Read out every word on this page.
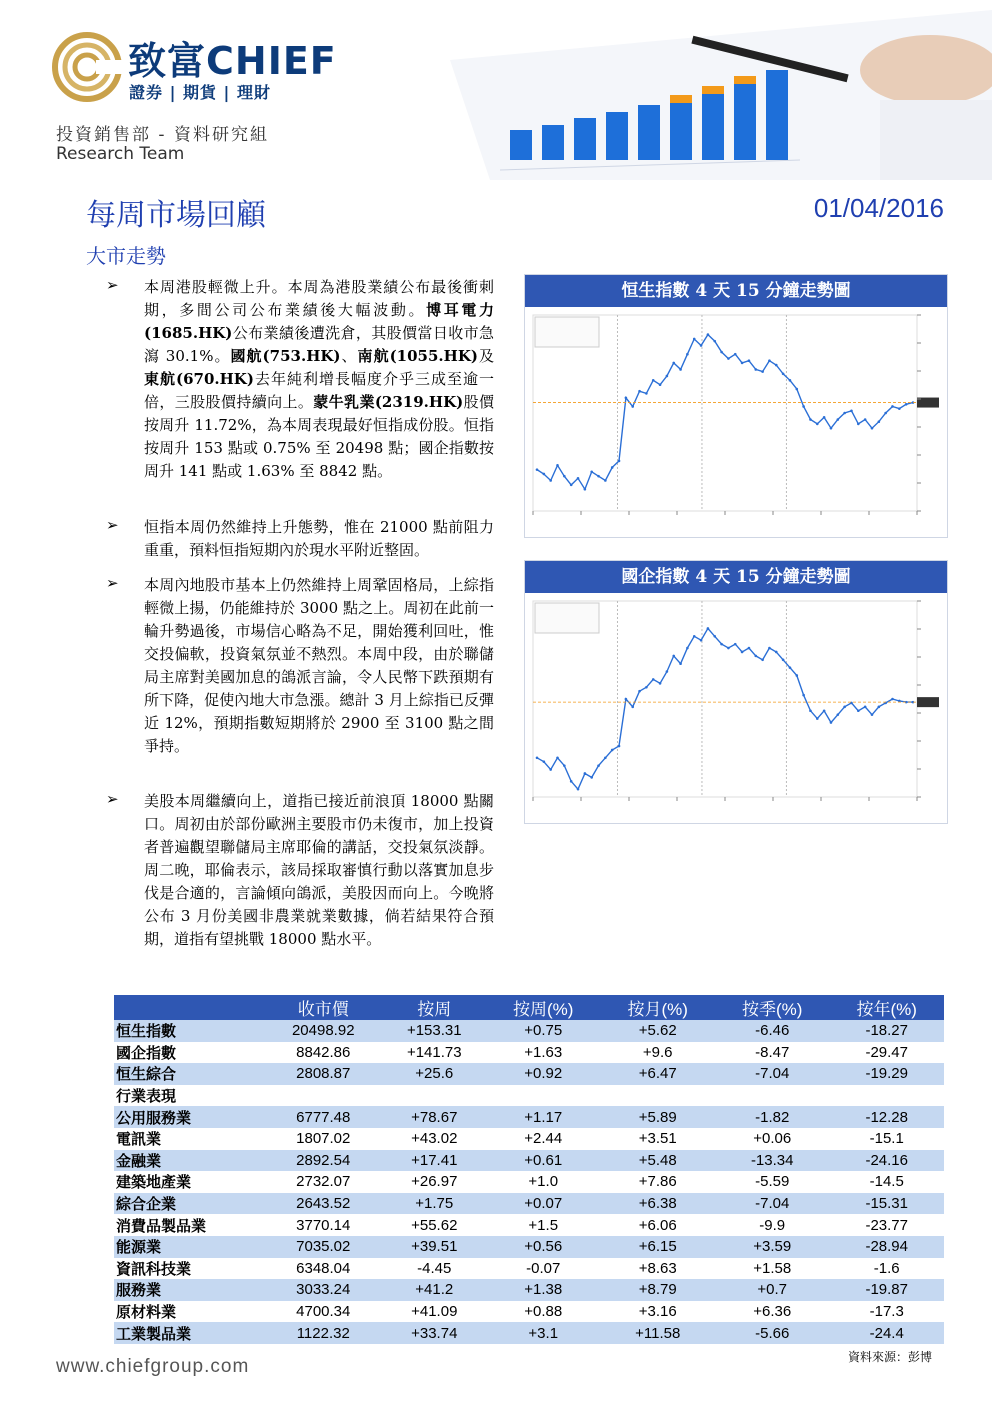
致富CHIEF
證券 | 期貨 | 理財
投資銷售部 - 資料研究組
Research Team
每周市場回顧	01/04/2016
大市走勢
➢ 本周港股輕微上升。本周為港股業績公布最後衝刺期，多間公司公布業績後大幅波動。博耳電力(1685.HK)公布業績後遭洗倉，其股價當日收市急瀉 30.1%。國航(753.HK)、南航(1055.HK)及東航(670.HK)去年純利增長幅度介乎三成至逾一倍，三股股價持續向上。蒙牛乳業(2319.HK)股價按周升 11.72%，為本周表現最好恒指成份股。恒指按周升 153 點或 0.75% 至 20498 點；國企指數按周升 141 點或 1.63% 至 8842 點。
➢ 恒指本周仍然維持上升態勢，惟在 21000 點前阻力重重，預料恒指短期內於現水平附近整固。
➢ 本周內地股市基本上仍然維持上周鞏固格局，上綜指輕微上揚，仍能維持於 3000 點之上。周初在此前一輪升勢過後，市場信心略為不足，開始獲利回吐，惟交投偏軟，投資氣氛並不熱烈。本周中段，由於聯儲局主席對美國加息的鴿派言論，令人民幣下跌預期有所下降，促使內地大市急漲。總計 3 月上綜指已反彈近 12%，預期指數短期將於 2900 至 3100 點之間爭持。
➢ 美股本周繼續向上，道指已接近前浪頂 18000 點關口。周初由於部份歐洲主要股市仍未復市，加上投資者普遍觀望聯儲局主席耶倫的講話，交投氣氛淡靜。周二晚，耶倫表示，該局採取審慎行動以落實加息步伐是合適的，言論傾向鴿派，美股因而向上。今晚將公布 3 月份美國非農業就業數據，倘若結果符合預期，道指有望挑戰 18000 點水平。
恒生指數 4 天 15 分鐘走勢圖
國企指數 4 天 15 分鐘走勢圖
	收市價	按周	按周(%)	按月(%)	按季(%)	按年(%)
恒生指數	20498.92	+153.31	+0.75	+5.62	-6.46	-18.27
國企指數	8842.86	+141.73	+1.63	+9.6	-8.47	-29.47
恒生綜合	2808.87	+25.6	+0.92	+6.47	-7.04	-19.29
行業表現						
公用服務業	6777.48	+78.67	+1.17	+5.89	-1.82	-12.28
電訊業	1807.02	+43.02	+2.44	+3.51	+0.06	-15.1
金融業	2892.54	+17.41	+0.61	+5.48	-13.34	-24.16
建築地產業	2732.07	+26.97	+1.0	+7.86	-5.59	-14.5
綜合企業	2643.52	+1.75	+0.07	+6.38	-7.04	-15.31
消費品製品業	3770.14	+55.62	+1.5	+6.06	-9.9	-23.77
能源業	7035.02	+39.51	+0.56	+6.15	+3.59	-28.94
資訊科技業	6348.04	-4.45	-0.07	+8.63	+1.58	-1.6
服務業	3033.24	+41.2	+1.38	+8.79	+0.7	-19.87
原材料業	4700.34	+41.09	+0.88	+3.16	+6.36	-17.3
工業製品業	1122.32	+33.74	+3.1	+11.58	-5.66	-24.4
資料來源：彭博
www.chiefgroup.com
